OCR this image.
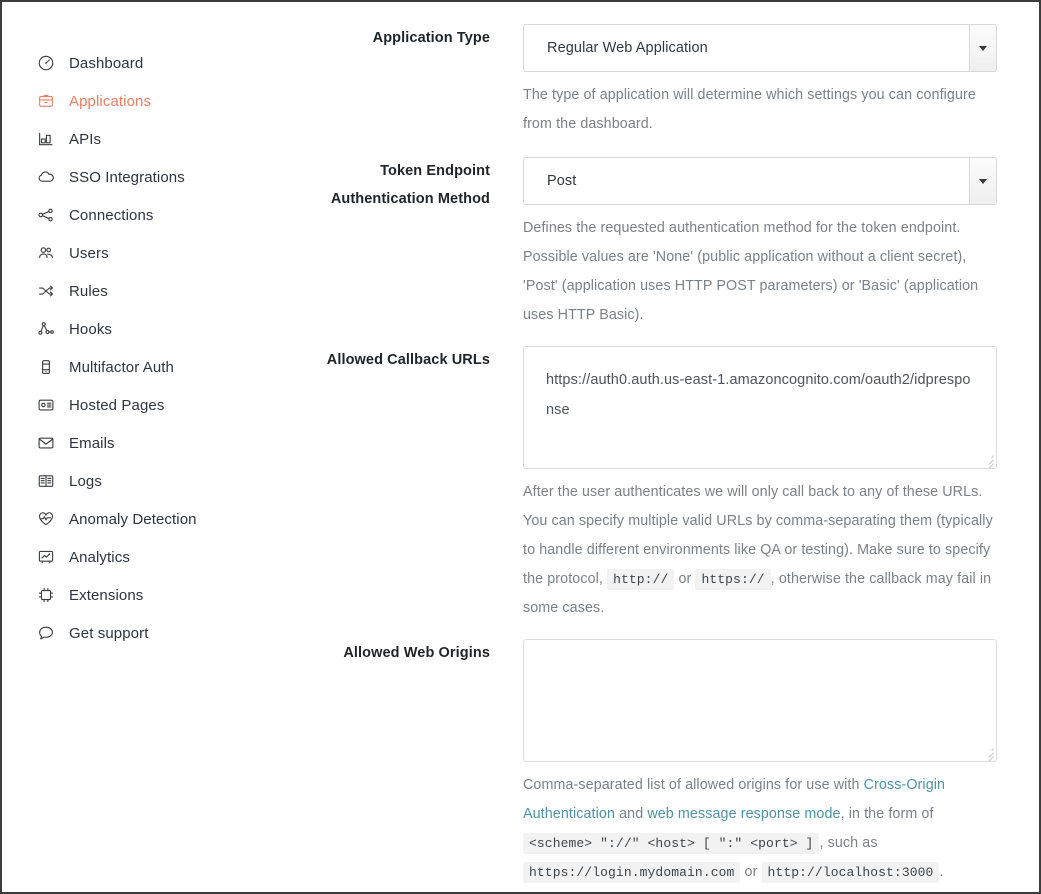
Dashboard
Applications
APIs
SSO Integrations
Connections
Users
Rules
Hooks
Multifactor Auth
Hosted Pages
Emails
Logs
Anomaly Detection
Analytics
Extensions
Get support
Application Type
Regular Web Application
The type of application will determine which settings you can configure from the dashboard.
Token Endpoint
Authentication Method
Post
Defines the requested authentication method for the token endpoint. Possible values are 'None' (public application without a client secret), 'Post' (application uses HTTP POST parameters) or 'Basic' (application uses HTTP Basic).
Allowed Callback URLs
https://auth0.auth.us-east-1.amazoncognito.com/oauth2/idpresponse
After the user authenticates we will only call back to any of these URLs. You can specify multiple valid URLs by comma-separating them (typically to handle different environments like QA or testing). Make sure to specify the protocol, http:// or https:// , otherwise the callback may fail in some cases.
Allowed Web Origins
Comma-separated list of allowed origins for use with Cross-Origin Authentication and web message response mode, in the form of <scheme> "://" <host> [ ":" <port> ] , such as https://login.mydomain.com or http://localhost:3000 .
